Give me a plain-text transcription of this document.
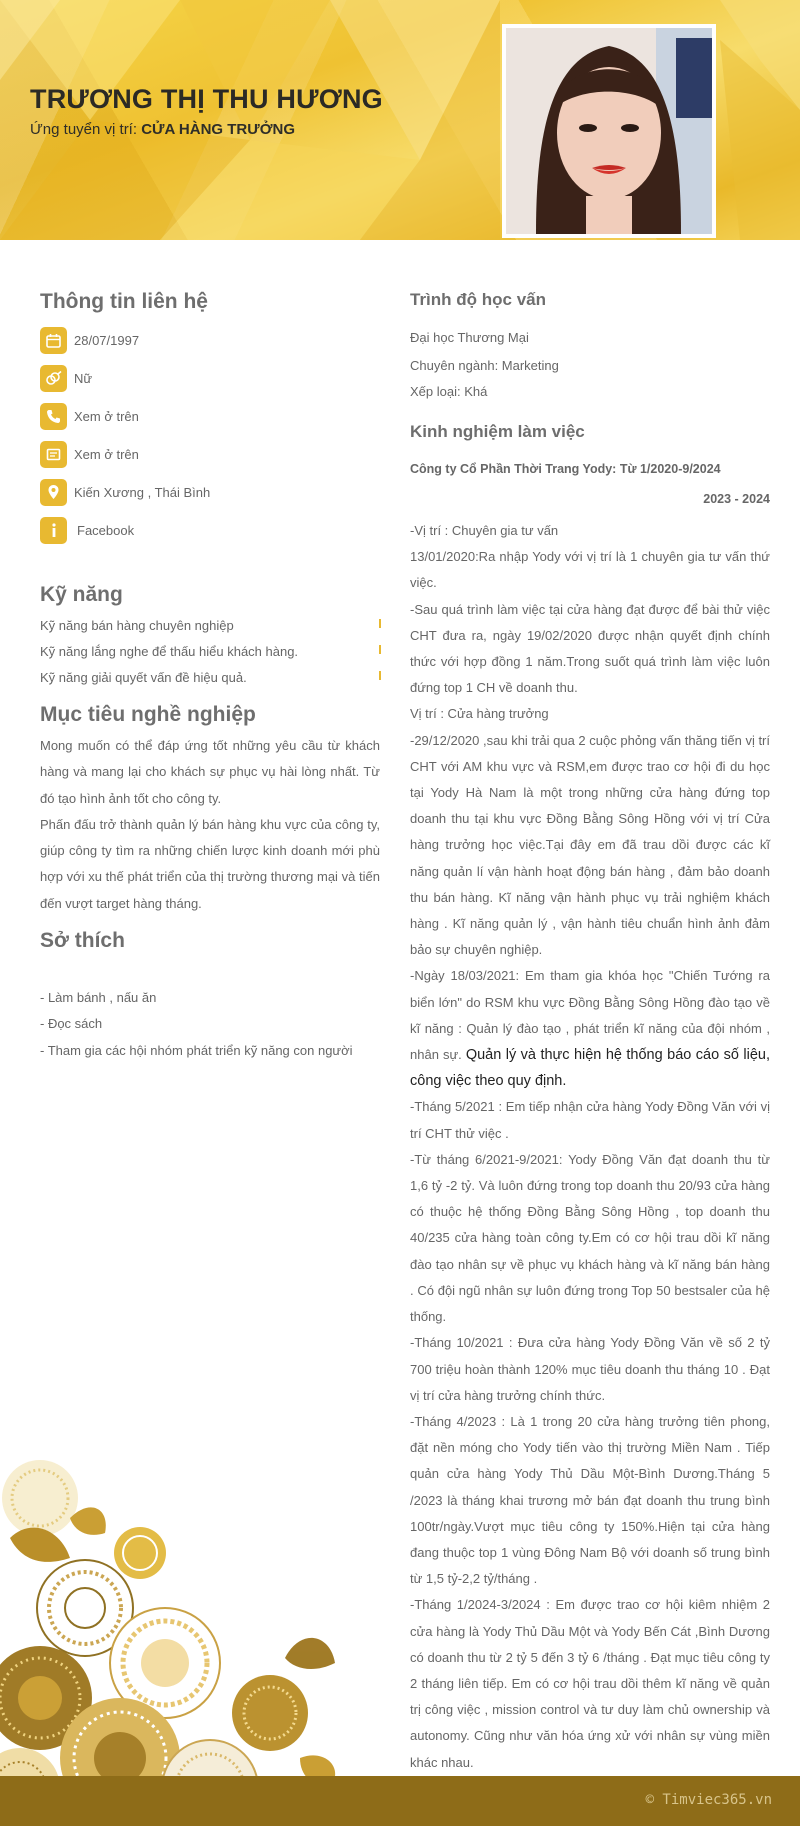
TRƯƠNG THỊ THU HƯƠNG
Ứng tuyển vị trí: CỬA HÀNG TRƯỞNG
Thông tin liên hệ
28/07/1997
Nữ
Xem ở trên
Xem ở trên
Kiến Xương , Thái Bình
Facebook
Kỹ năng
Kỹ năng bán hàng chuyên nghiệp
Kỹ năng lắng nghe để thấu hiểu khách hàng.
Kỹ năng giải quyết vấn đề hiệu quả.
Mục tiêu nghề nghiệp

Mong muốn có thể đáp ứng tốt những yêu cầu từ khách hàng và mang lại cho khách sự phục vụ hài lòng nhất. Từ đó tạo hình ảnh tốt cho công ty.

Phấn đấu trở thành quản lý bán hàng khu vực của công ty, giúp công ty tìm ra những chiến lược kinh doanh mới phù hợp với xu thế phát triển của thị trường thương mại và tiến đến vượt target hàng tháng.

Sở thích
- Làm bánh , nấu ăn
- Đọc sách
- Tham gia các hội nhóm phát triển kỹ năng con người
Trình độ học vấn
Đại học Thương Mại
Chuyên ngành: Marketing
Xếp loại: Khá
Kinh nghiệm làm việc
Công ty Cổ Phần Thời Trang Yody: Từ 1/2020-9/2024
2023 - 2024

-Vị trí : Chuyên gia tư vấn

13/01/2020:Ra nhập Yody với vị trí là 1 chuyên gia tư vấn thứ việc.

-Sau quá trình làm việc tại cửa hàng đạt được để bài thử việc CHT đưa ra, ngày 19/02/2020 được nhận quyết định chính thức với hợp đồng 1 năm.Trong suốt quá trình làm việc luôn đứng top 1 CH về doanh thu.

Vị trí : Cửa hàng trưởng

-29/12/2020 ,sau khi trải qua 2 cuộc phỏng vấn thăng tiến vị trí CHT với AM khu vực và RSM,em được trao cơ hội đi du học tại Yody Hà Nam là một trong những cửa hàng đứng top doanh thu tại khu vực Đồng Bằng Sông Hồng với vị trí Cửa hàng trưởng học việc.Tại đây em đã trau dồi được các kĩ năng quản lí vận hành hoạt động bán hàng , đảm bảo doanh thu bán hàng. Kĩ năng vận hành phục vụ trải nghiệm khách hàng . Kĩ năng quản lý , vận hành tiêu chuẩn hình ảnh đảm bảo sự chuyên nghiệp.

-Ngày 18/03/2021: Em tham gia khóa học "Chiến Tướng ra biển lớn" do RSM khu vực Đồng Bằng Sông Hồng đào tạo về kĩ năng : Quản lý đào tạo , phát triển kĩ năng của đội nhóm , nhân sự. Quản lý và thực hiện hệ thống báo cáo số liệu, công việc theo quy định.

-Tháng 5/2021 : Em tiếp nhận cửa hàng Yody Đồng Văn với vị trí CHT thử việc .

-Từ tháng 6/2021-9/2021: Yody Đồng Văn đạt doanh thu từ 1,6 tỷ -2 tỷ. Và luôn đứng trong top doanh thu 20/93 cửa hàng có thuộc hệ thống Đồng Bằng Sông Hồng , top doanh thu 40/235 cửa hàng toàn công ty.Em có cơ hội trau dồi kĩ năng đào tạo nhân sự về phục vụ khách hàng và kĩ năng bán hàng . Có đội ngũ nhân sự luôn đứng trong Top 50 bestsaler của hệ thống.

-Tháng 10/2021 : Đưa cửa hàng Yody Đồng Văn về số 2 tỷ 700 triệu hoàn thành 120% mục tiêu doanh thu tháng 10 . Đạt vị trí cửa hàng trưởng chính thức.

-Tháng 4/2023 : Là 1 trong 20 cửa hàng trưởng tiên phong, đặt nền móng cho Yody tiến vào thị trường Miền Nam . Tiếp quản cửa hàng Yody Thủ Dầu Một-Bình Dương.Tháng 5 /2023 là tháng khai trương mở bán đạt doanh thu trung bình 100tr/ngày.Vượt mục tiêu công ty 150%.Hiện tại cửa hàng đang thuộc top 1 vùng Đông Nam Bộ với doanh số trung bình từ 1,5 tỷ-2,2 tỷ/tháng .

-Tháng 1/2024-3/2024 : Em được trao cơ hội kiêm nhiệm 2 cửa hàng là Yody Thủ Dầu Một và Yody Bến Cát ,Bình Dương có doanh thu từ 2 tỷ 5 đến 3 tỷ 6 /tháng . Đạt mục tiêu công ty 2 tháng liên tiếp. Em có cơ hội trau dồi thêm kĩ năng về quản trị công việc , mission control và tư duy làm chủ ownership và autonomy. Cũng như văn hóa ứng xử với nhân sự vùng miền khác nhau.

© Timviec365.vn
